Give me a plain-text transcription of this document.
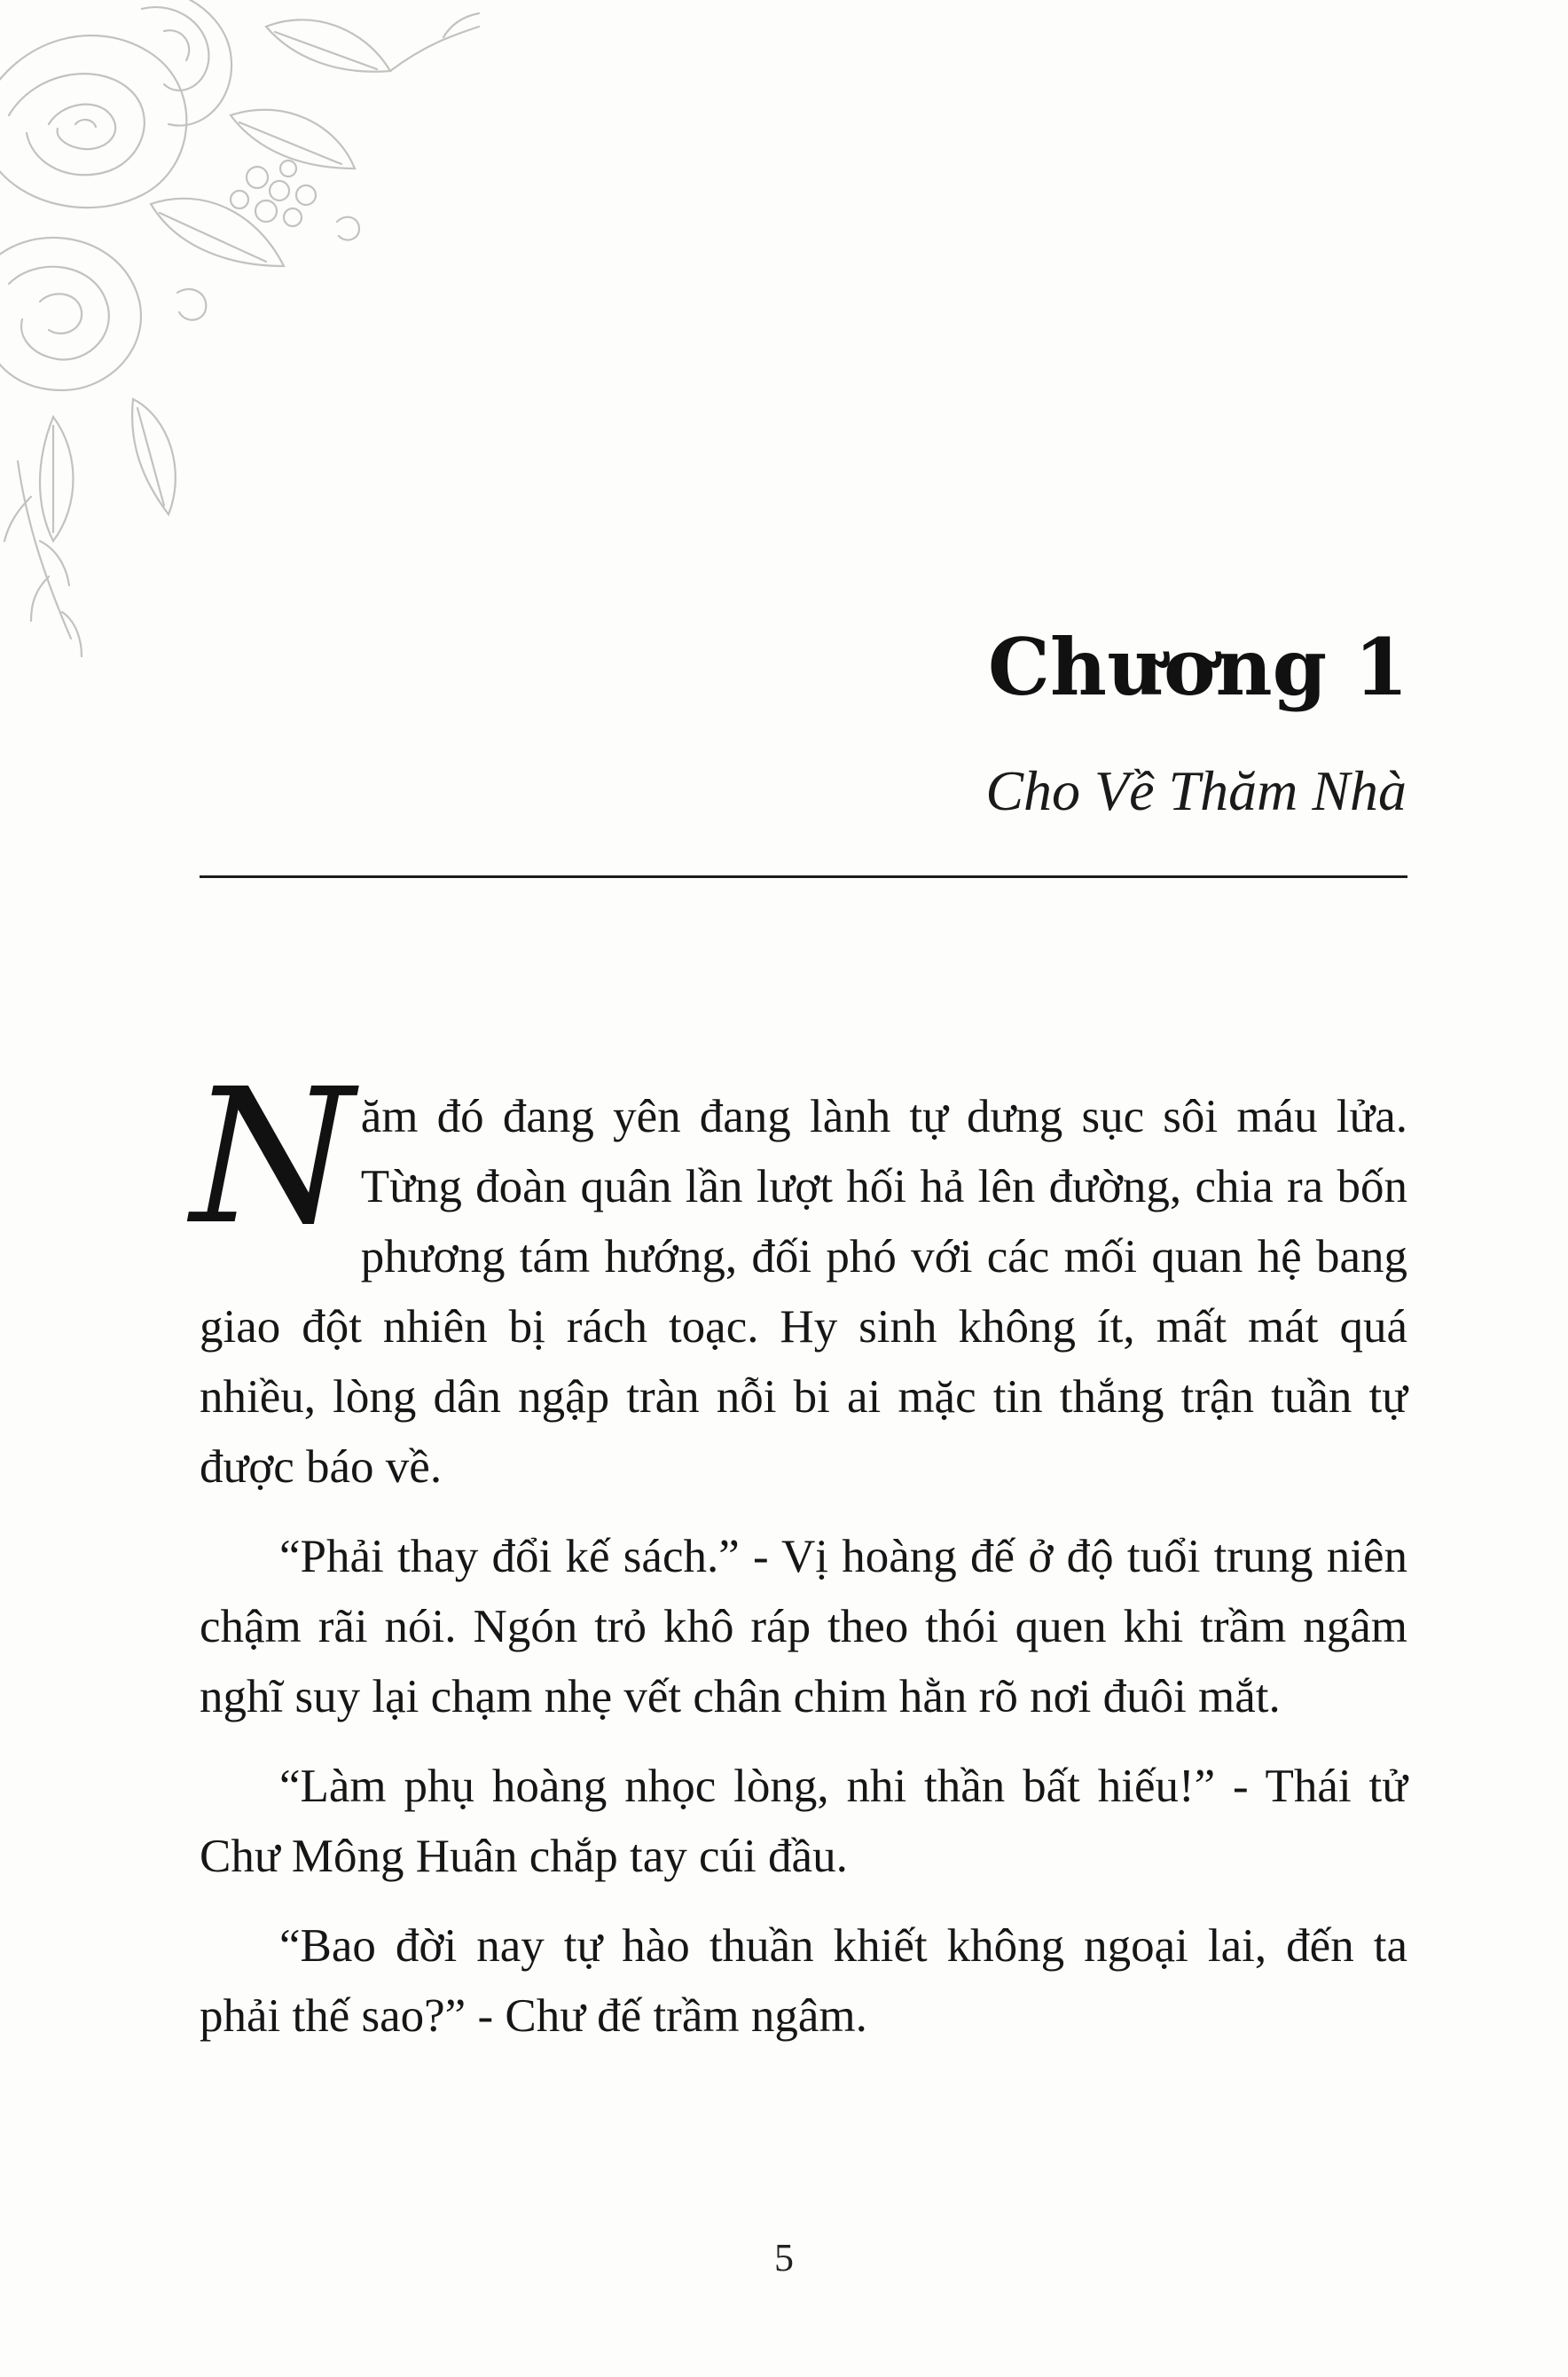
Chương 1
Cho Về Thăm Nhà

Năm đó đang yên đang lành tự dưng sục sôi máu lửa. Từng đoàn quân lần lượt hối hả lên đường, chia ra bốn phương tám hướng, đối phó với các mối quan hệ bang giao đột nhiên bị rách toạc. Hy sinh không ít, mất mát quá nhiều, lòng dân ngập tràn nỗi bi ai mặc tin thắng trận tuần tự được báo về.

“Phải thay đổi kế sách.” - Vị hoàng đế ở độ tuổi trung niên chậm rãi nói. Ngón trỏ khô ráp theo thói quen khi trầm ngâm nghĩ suy lại chạm nhẹ vết chân chim hằn rõ nơi đuôi mắt.

“Làm phụ hoàng nhọc lòng, nhi thần bất hiếu!” - Thái tử Chư Mông Huân chắp tay cúi đầu.

“Bao đời nay tự hào thuần khiết không ngoại lai, đến ta phải thế sao?” - Chư đế trầm ngâm.

5
